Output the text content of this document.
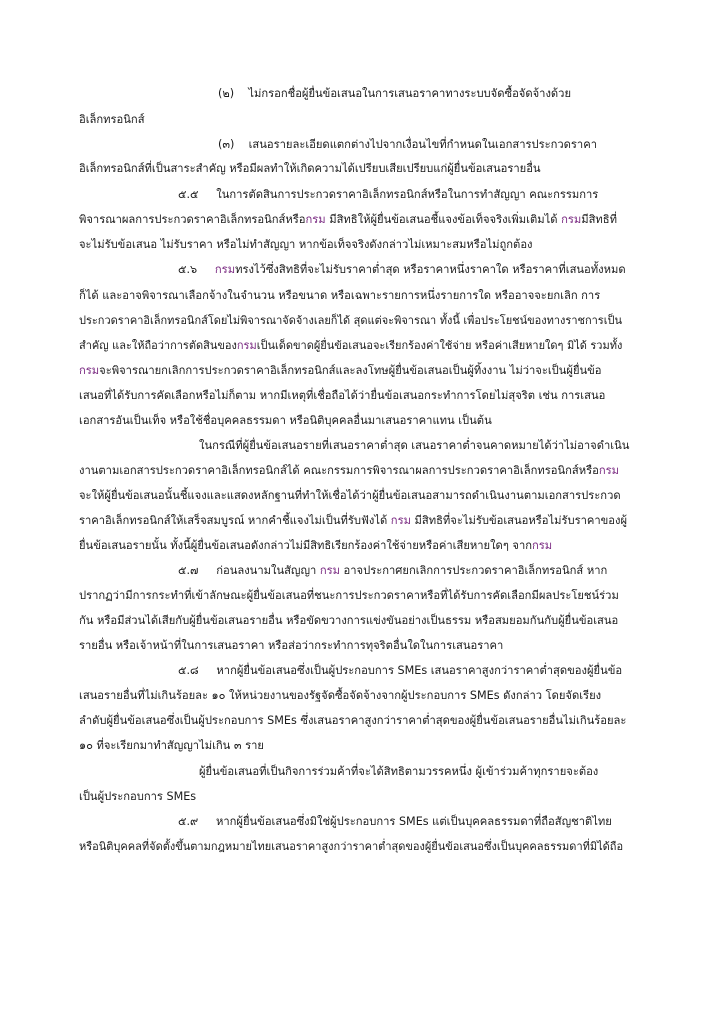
(๒)    ไม่กรอกชื่อผู้ยื่นข้อเสนอในการเสนอราคาทางระบบจัดซื้อจัดจ้างด้วย
อิเล็กทรอนิกส์
(๓)    เสนอรายละเอียดแตกต่างไปจากเงื่อนไขที่กำหนดในเอกสารประกวดราคา
อิเล็กทรอนิกส์ที่เป็นสาระสำคัญ หรือมีผลทำให้เกิดความได้เปรียบเสียเปรียบแก่ผู้ยื่นข้อเสนอรายอื่น
๕.๕     ในการตัดสินการประกวดราคาอิเล็กทรอนิกส์หรือในการทำสัญญา คณะกรรมการ
พิจารณาผลการประกวดราคาอิเล็กทรอนิกส์หรือกรม มีสิทธิให้ผู้ยื่นข้อเสนอชี้แจงข้อเท็จจริงเพิ่มเติมได้ กรมมีสิทธิที่
จะไม่รับข้อเสนอ ไม่รับราคา หรือไม่ทำสัญญา หากข้อเท็จจริงดังกล่าวไม่เหมาะสมหรือไม่ถูกต้อง
๕.๖     กรมทรงไว้ซึ่งสิทธิที่จะไม่รับราคาต่ำสุด หรือราคาหนึ่งราคาใด หรือราคาที่เสนอทั้งหมด
ก็ได้ และอาจพิจารณาเลือกจ้างในจำนวน หรือขนาด หรือเฉพาะรายการหนึ่งรายการใด หรืออาจจะยกเลิก การ
ประกวดราคาอิเล็กทรอนิกส์โดยไม่พิจารณาจัดจ้างเลยก็ได้ สุดแต่จะพิจารณา ทั้งนี้ เพื่อประโยชน์ของทางราชการเป็น
สำคัญ และให้ถือว่าการตัดสินของกรมเป็นเด็ดขาดผู้ยื่นข้อเสนอจะเรียกร้องค่าใช้จ่าย หรือค่าเสียหายใดๆ มิได้ รวมทั้ง
กรมจะพิจารณายกเลิกการประกวดราคาอิเล็กทรอนิกส์และลงโทษผู้ยื่นข้อเสนอเป็นผู้ทิ้งงาน ไม่ว่าจะเป็นผู้ยื่นข้อ
เสนอที่ได้รับการคัดเลือกหรือไม่ก็ตาม หากมีเหตุที่เชื่อถือได้ว่ายื่นข้อเสนอกระทำการโดยไม่สุจริต เช่น การเสนอ
เอกสารอันเป็นเท็จ หรือใช้ชื่อบุคคลธรรมดา หรือนิติบุคคลอื่นมาเสนอราคาแทน เป็นต้น
ในกรณีที่ผู้ยื่นข้อเสนอรายที่เสนอราคาต่ำสุด เสนอราคาต่ำจนคาดหมายได้ว่าไม่อาจดำเนิน
งานตามเอกสารประกวดราคาอิเล็กทรอนิกส์ได้ คณะกรรมการพิจารณาผลการประกวดราคาอิเล็กทรอนิกส์หรือกรม
จะให้ผู้ยื่นข้อเสนอนั้นชี้แจงและแสดงหลักฐานที่ทำให้เชื่อได้ว่าผู้ยื่นข้อเสนอสามารถดำเนินงานตามเอกสารประกวด
ราคาอิเล็กทรอนิกส์ให้เสร็จสมบูรณ์ หากคำชี้แจงไม่เป็นที่รับฟังได้ กรม มีสิทธิที่จะไม่รับข้อเสนอหรือไม่รับราคาของผู้
ยื่นข้อเสนอรายนั้น ทั้งนี้ผู้ยื่นข้อเสนอดังกล่าวไม่มีสิทธิเรียกร้องค่าใช้จ่ายหรือค่าเสียหายใดๆ จากกรม
๕.๗     ก่อนลงนามในสัญญา กรม อาจประกาศยกเลิกการประกวดราคาอิเล็กทรอนิกส์ หาก
ปรากฏว่ามีการกระทำที่เข้าลักษณะผู้ยื่นข้อเสนอที่ชนะการประกวดราคาหรือที่ได้รับการคัดเลือกมีผลประโยชน์ร่วม
กัน หรือมีส่วนได้เสียกับผู้ยื่นข้อเสนอรายอื่น หรือขัดขวางการแข่งขันอย่างเป็นธรรม หรือสมยอมกันกับผู้ยื่นข้อเสนอ
รายอื่น หรือเจ้าหน้าที่ในการเสนอราคา หรือส่อว่ากระทำการทุจริตอื่นใดในการเสนอราคา
๕.๘     หากผู้ยื่นข้อเสนอซึ่งเป็นผู้ประกอบการ SMEs เสนอราคาสูงกว่าราคาต่ำสุดของผู้ยื่นข้อ
เสนอรายอื่นที่ไม่เกินร้อยละ ๑๐ ให้หน่วยงานของรัฐจัดซื้อจัดจ้างจากผู้ประกอบการ SMEs ดังกล่าว โดยจัดเรียง
ลำดับผู้ยื่นข้อเสนอซึ่งเป็นผู้ประกอบการ SMEs ซึ่งเสนอราคาสูงกว่าราคาต่ำสุดของผู้ยื่นข้อเสนอรายอื่นไม่เกินร้อยละ
๑๐ ที่จะเรียกมาทำสัญญาไม่เกิน ๓ ราย
ผู้ยื่นข้อเสนอที่เป็นกิจการร่วมค้าที่จะได้สิทธิตามวรรคหนึ่ง ผู้เข้าร่วมค้าทุกรายจะต้อง
เป็นผู้ประกอบการ SMEs
๕.๙     หากผู้ยื่นข้อเสนอซึ่งมิใช่ผู้ประกอบการ SMEs แต่เป็นบุคคลธรรมดาที่ถือสัญชาติไทย
หรือนิติบุคคลที่จัดตั้งขึ้นตามกฎหมายไทยเสนอราคาสูงกว่าราคาต่ำสุดของผู้ยื่นข้อเสนอซึ่งเป็นบุคคลธรรมดาที่มิได้ถือ
